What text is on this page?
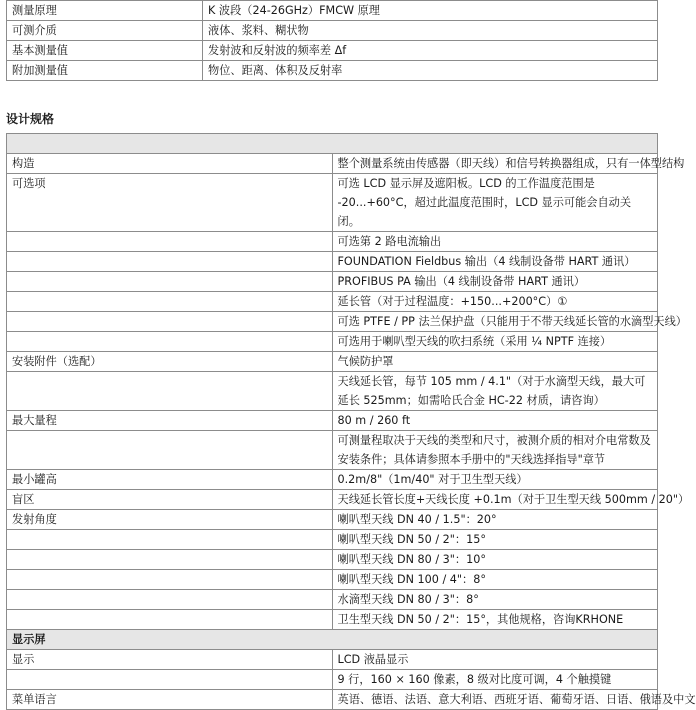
测量原理	K 波段（24-26GHz）FMCW 原理
可测介质	液体、浆料、糊状物
基本测量值	发射波和反射波的频率差 Δf
附加测量值	物位、距离、体积及反射率
设计规格

构造	整个测量系统由传感器（即天线）和信号转换器组成，只有一体型结构
可选项	可选 LCD 显示屏及遮阳板。LCD 的工作温度范围是 -20...+60°C，超过此温度范围时，LCD 显示可能会自动关闭。
	可选第 2 路电流输出
	FOUNDATION Fieldbus 输出（4 线制设备带 HART 通讯）
	PROFIBUS PA 输出（4 线制设备带 HART 通讯）
	延长管（对于过程温度：+150...+200°C）①
	可选 PTFE / PP 法兰保护盘（只能用于不带天线延长管的水滴型天线）
	可选用于喇叭型天线的吹扫系统（采用 ¼ NPTF 连接）
安装附件（选配）	气候防护罩
	天线延长管，每节 105 mm / 4.1"（对于水滴型天线，最大可延长 525mm；如需哈氏合金 HC-22 材质，请咨询）
最大量程	80 m / 260 ft
	可测量程取决于天线的类型和尺寸，被测介质的相对介电常数及安装条件；具体请参照本手册中的"天线选择指导"章节
最小罐高	0.2m/8"（1m/40" 对于卫生型天线）
盲区	天线延长管长度+天线长度 +0.1m（对于卫生型天线 500mm / 20"）
发射角度	喇叭型天线 DN 40 / 1.5"：20°
	喇叭型天线 DN 50 / 2"：15°
	喇叭型天线 DN 80 / 3"：10°
	喇叭型天线 DN 100 / 4"：8°
	水滴型天线 DN 80 / 3"：8°
	卫生型天线 DN 50 / 2"：15°，其他规格，咨询KRHONE
显示屏	
显示	LCD 液晶显示
	9 行，160 × 160 像素，8 级对比度可调，4 个触摸键
菜单语言	英语、德语、法语、意大利语、西班牙语、葡萄牙语、日语、俄语及中文
